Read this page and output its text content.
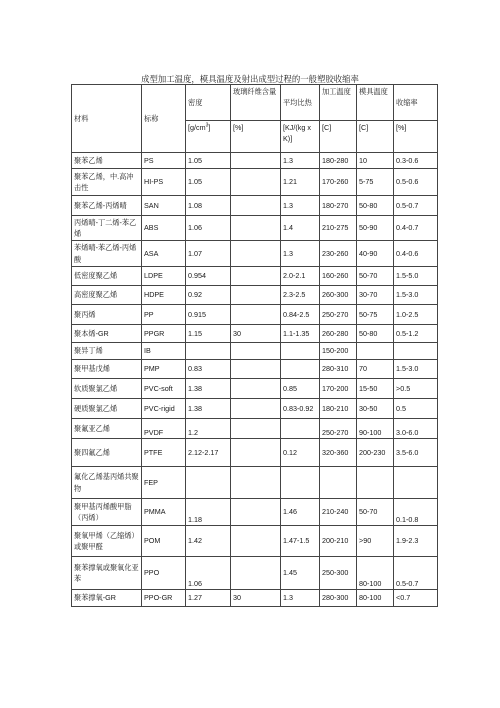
成型加工温度，模具温度及射出成型过程的一般塑胶收缩率
材料	标称	密度	玻璃纤维含量	平均比热	加工温度	模具温度	收缩率
		$[g/cm^3]$	[%]	[KJ/(kg x K)]	[C]	[C]	[%]
聚苯乙烯	PS	1.05		1.3	180-280	10	0.3-0.6
聚苯乙烯，中.高冲击性	HI-PS	1.05		1.21	170-260	5-75	0.5-0.6
聚苯乙烯-丙烯晴	SAN	1.08		1.3	180-270	50-80	0.5-0.7
丙烯晴-丁二烯-苯乙烯	ABS	1.06		1.4	210-275	50-90	0.4-0.7
苯烯晴-苯乙烯-丙烯酸	ASA	1.07		1.3	230-260	40-90	0.4-0.6
低密度聚乙烯	LDPE	0.954		2.0-2.1	160-260	50-70	1.5-5.0
高密度聚乙烯	HDPE	0.92		2.3-2.5	260-300	30-70	1.5-3.0
聚丙烯	PP	0.915		0.84-2.5	250-270	50-75	1.0-2.5
聚本烯-GR	PPGR	1.15	30	1.1-1.35	260-280	50-80	0.5-1.2
聚异丁烯	IB				150-200		
聚甲基戊烯	PMP	0.83			280-310	70	1.5-3.0
软质聚氯乙烯	PVC-soft	1.38		0.85	170-200	15-50	>0.5
硬质聚氯乙烯	PVC-rigid	1.38		0.83-0.92	180-210	30-50	0.5
聚氟亚乙烯	PVDF	1.2			250-270	90-100	3.0-6.0
聚四氟乙烯	PTFE	2.12-2.17		0.12	320-360	200-230	3.5-6.0
氟化乙烯基丙烯共聚物	FEP						
聚甲基丙烯酸甲脂（丙烯）	PMMA	1.18		1.46	210-240	50-70	0.1-0.8
聚氧甲烯（乙缩烯）或聚甲醛	POM	1.42		1.47-1.5	200-210	>90	1.9-2.3
聚苯撑氧或聚氧化亚苯	PPO	1.06		1.45	250-300	80-100	0.5-0.7
聚苯撑氧-GR	PPO-GR	1.27	30	1.3	280-300	80-100	<0.7
